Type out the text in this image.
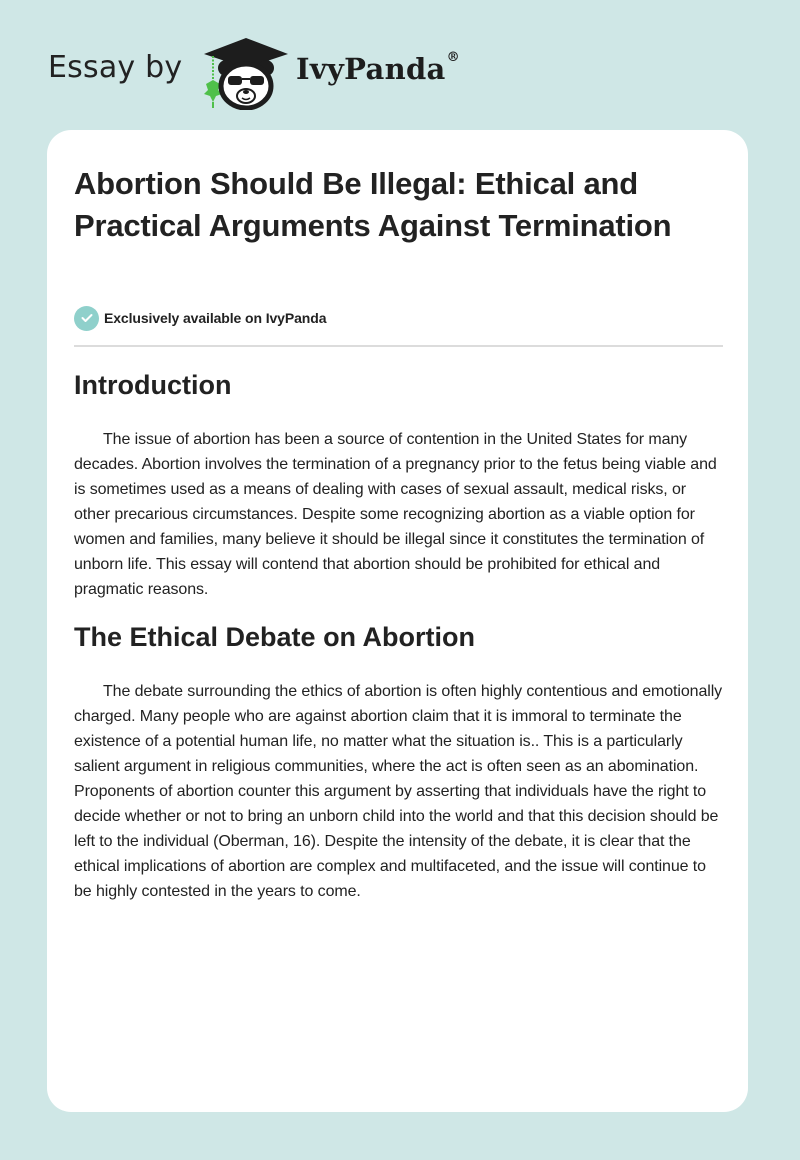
Essay by	IvyPanda®
Abortion Should Be Illegal: Ethical and Practical Arguments Against Termination
Exclusively available on IvyPanda
Introduction

The issue of abortion has been a source of contention in the United States for many decades. Abortion involves the termination of a pregnancy prior to the fetus being viable and is sometimes used as a means of dealing with cases of sexual assault, medical risks, or other precarious circumstances. Despite some recognizing abortion as a viable option for women and families, many believe it should be illegal since it constitutes the termination of unborn life. This essay will contend that abortion should be prohibited for ethical and pragmatic reasons.

The Ethical Debate on Abortion

The debate surrounding the ethics of abortion is often highly contentious and emotionally charged. Many people who are against abortion claim that it is immoral to terminate the existence of a potential human life, no matter what the situation is.. This is a particularly salient argument in religious communities, where the act is often seen as an abomination. Proponents of abortion counter this argument by asserting that individuals have the right to decide whether or not to bring an unborn child into the world and that this decision should be left to the individual (Oberman, 16). Despite the intensity of the debate, it is clear that the ethical implications of abortion are complex and multifaceted, and the issue will continue to be highly contested in the years to come.
